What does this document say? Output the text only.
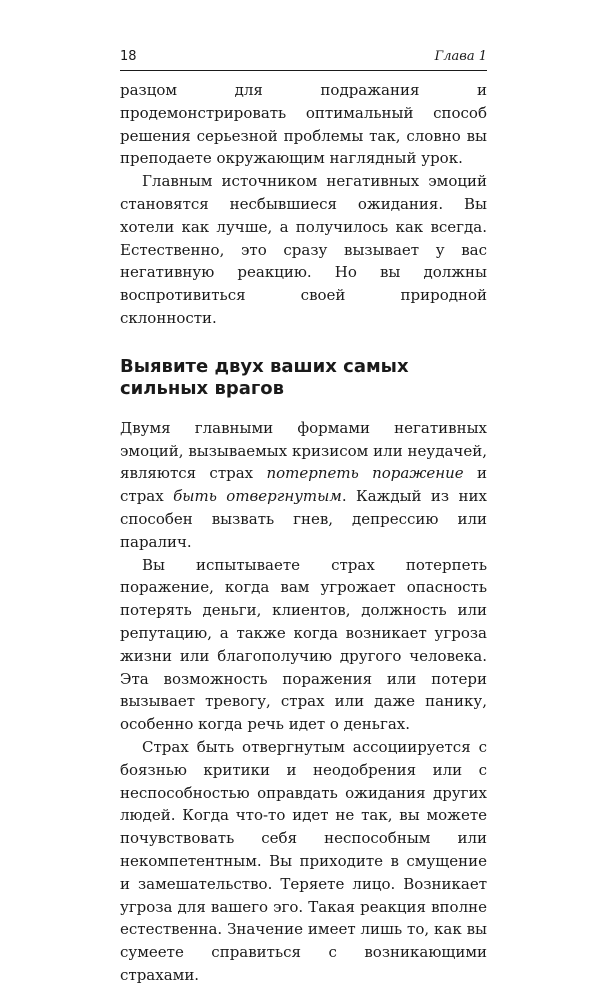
18	Глава 1

разцом для подражания и продемонстрировать оптимальный способ решения серьезной проблемы так, словно вы преподаете окружающим наглядный урок.

Главным источником негативных эмоций становятся несбывшиеся ожидания. Вы хотели как лучше, а получилось как всегда. Естественно, это сразу вызывает у вас негативную реакцию. Но вы должны воспротивиться своей природной склонности.

Выявите двух ваших самых
сильных врагов

Двумя главными формами негативных эмоций, вызываемых кризисом или неудачей, являются страх потерпеть поражение и страх быть отвергнутым. Каждый из них способен вызвать гнев, депрессию или паралич.

Вы испытываете страх потерпеть поражение, когда вам угрожает опасность потерять деньги, клиентов, должность или репутацию, а также когда возникает угроза жизни или благополучию другого человека. Эта возможность поражения или потери вызывает тревогу, страх или даже панику, особенно когда речь идет о деньгах.

Страх быть отвергнутым ассоциируется с боязнью критики и неодобрения или с неспособностью оправдать ожидания других людей. Когда что-то идет не так, вы можете почувствовать себя неспособным или некомпетентным. Вы приходите в смущение и замешательство. Теряете лицо. Возникает угроза для вашего эго. Такая реакция вполне естественна. Значение имеет лишь то, как вы сумеете справиться с возникающими страхами.
